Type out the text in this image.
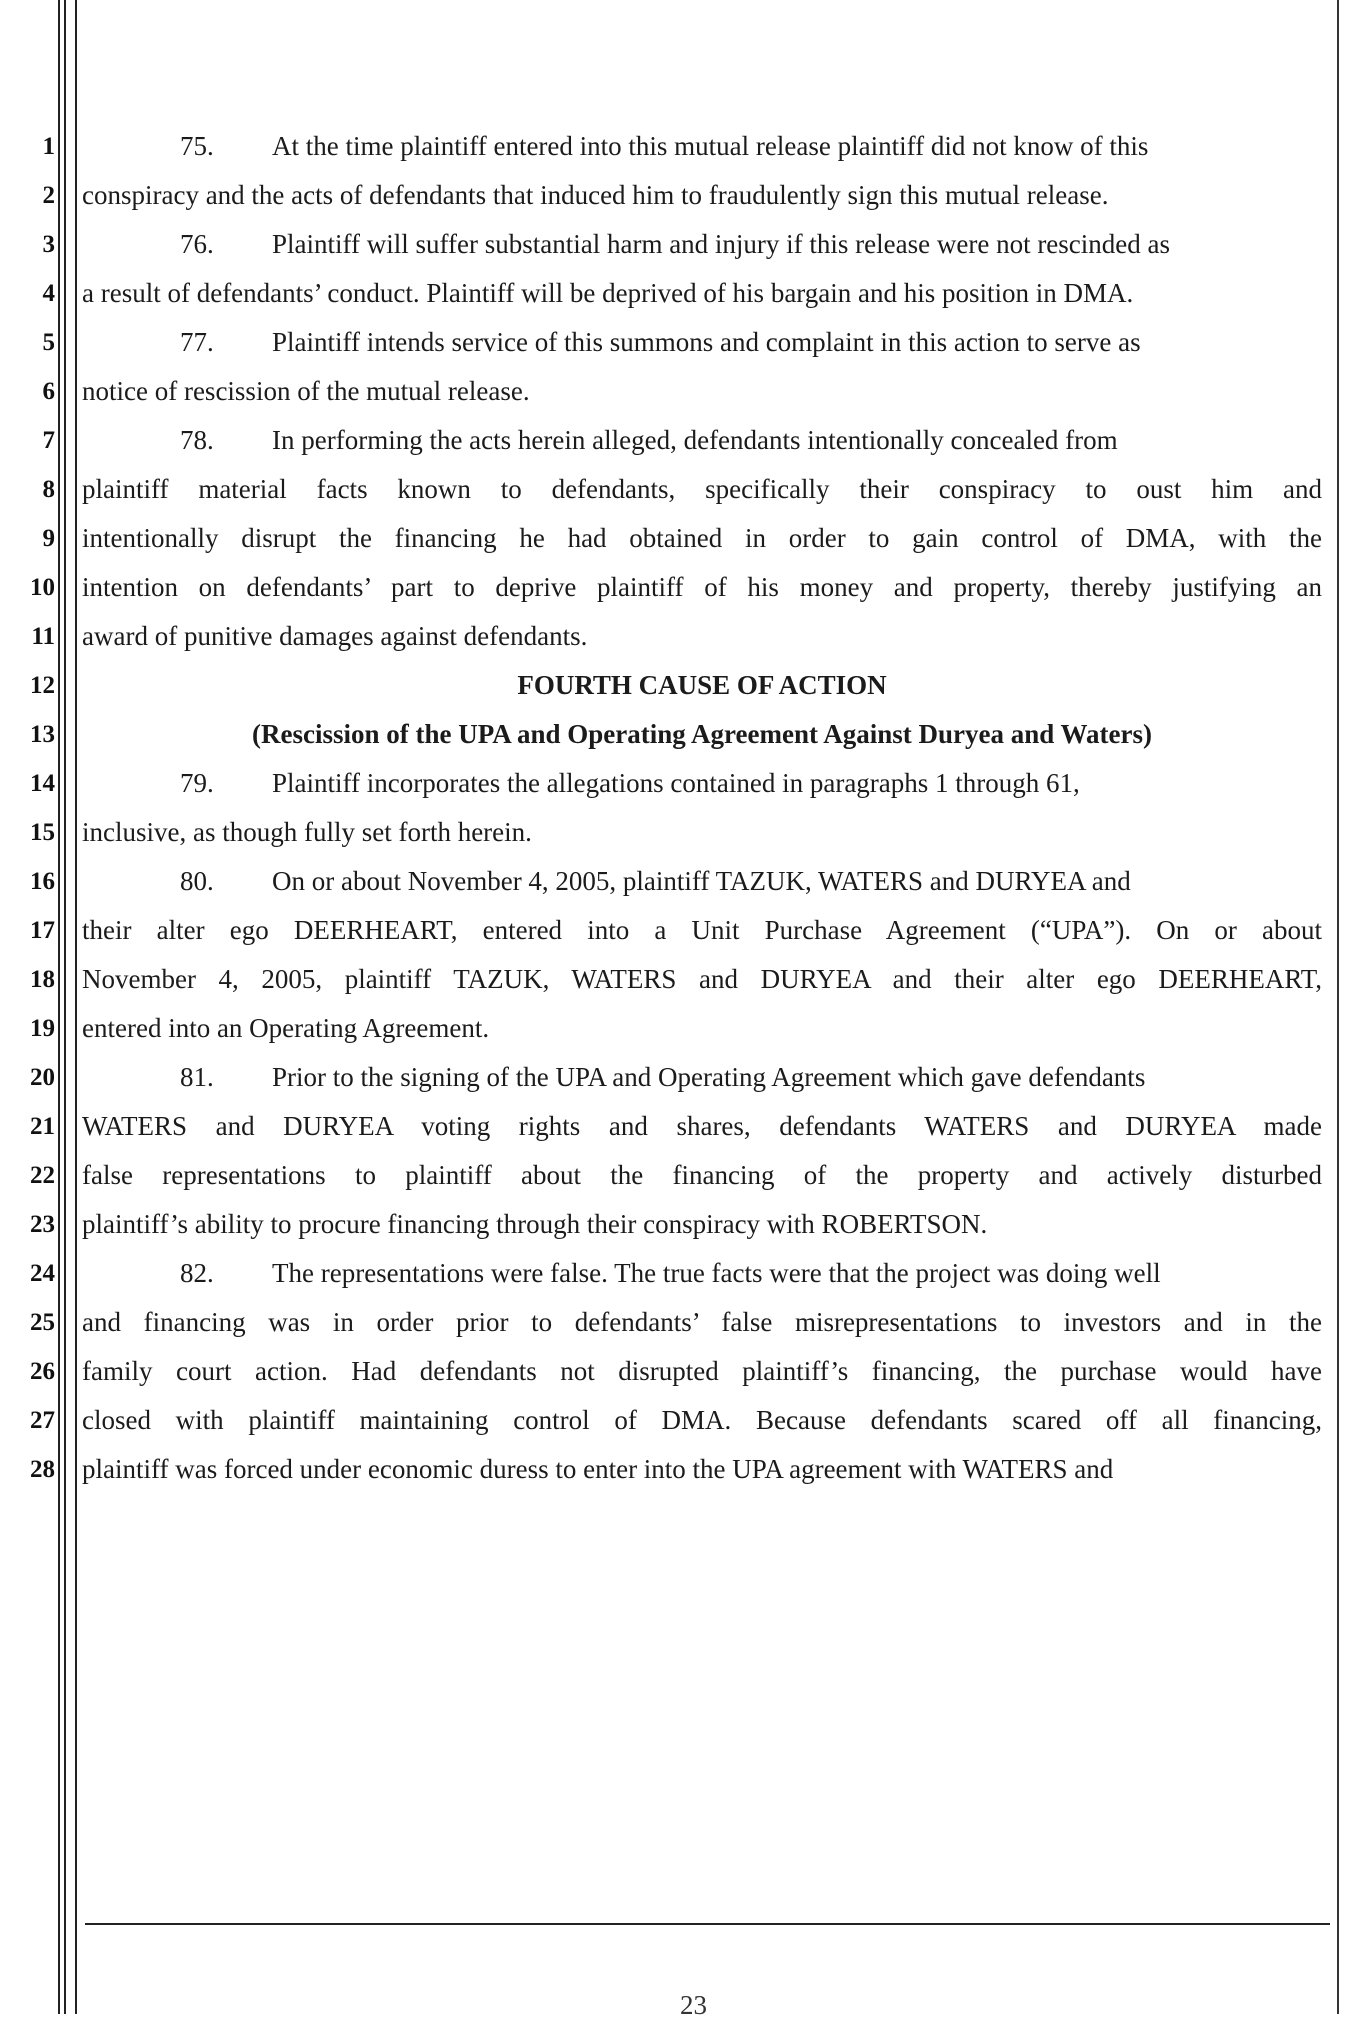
1	75. At the time plaintiff entered into this mutual release plaintiff did not know of this
2 conspiracy and the acts of defendants that induced him to fraudulently sign this mutual release.
3	76. Plaintiff will suffer substantial harm and injury if this release were not rescinded as
4 a result of defendants’ conduct. Plaintiff will be deprived of his bargain and his position in DMA.
5	77. Plaintiff intends service of this summons and complaint in this action to serve as
6 notice of rescission of the mutual release.
7	78. In performing the acts herein alleged, defendants intentionally concealed from
8 plaintiff material facts known to defendants, specifically their conspiracy to oust him and
9 intentionally disrupt the financing he had obtained in order to gain control of DMA, with the
10 intention on defendants’ part to deprive plaintiff of his money and property, thereby justifying an
11 award of punitive damages against defendants.
12	FOURTH CAUSE OF ACTION
13	(Rescission of the UPA and Operating Agreement Against Duryea and Waters)
14	79. Plaintiff incorporates the allegations contained in paragraphs 1 through 61,
15 inclusive, as though fully set forth herein.
16	80. On or about November 4, 2005, plaintiff TAZUK, WATERS and DURYEA and
17 their alter ego DEERHEART, entered into a Unit Purchase Agreement (“UPA”). On or about
18 November 4, 2005, plaintiff TAZUK, WATERS and DURYEA and their alter ego DEERHEART,
19 entered into an Operating Agreement.
20	81. Prior to the signing of the UPA and Operating Agreement which gave defendants
21 WATERS and DURYEA voting rights and shares, defendants WATERS and DURYEA made
22 false representations to plaintiff about the financing of the property and actively disturbed
23 plaintiff’s ability to procure financing through their conspiracy with ROBERTSON.
24	82. The representations were false. The true facts were that the project was doing well
25 and financing was in order prior to defendants’ false misrepresentations to investors and in the
26 family court action. Had defendants not disrupted plaintiff’s financing, the purchase would have
27 closed with plaintiff maintaining control of DMA. Because defendants scared off all financing,
28 plaintiff was forced under economic duress to enter into the UPA agreement with WATERS and
23
